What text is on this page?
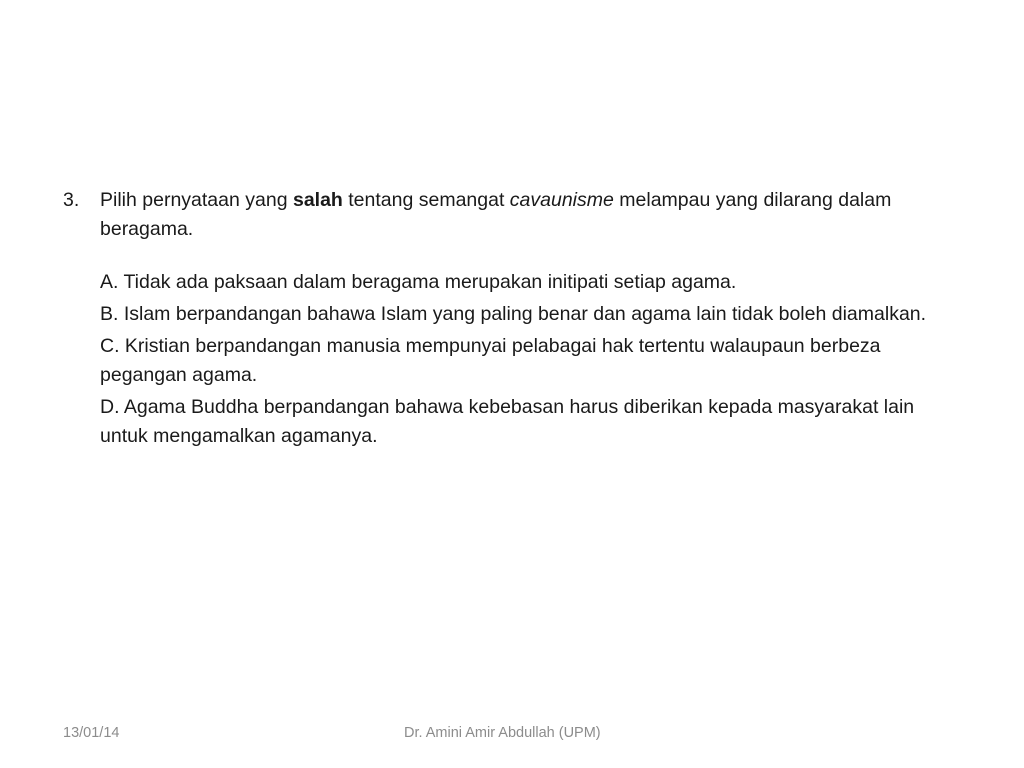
3.	Pilih pernyataan yang salah tentang semangat cavaunisme melampau yang dilarang dalam beragama.
A. Tidak ada paksaan dalam beragama merupakan initipati setiap agama.
B. Islam berpandangan bahawa Islam yang paling benar dan agama lain tidak boleh diamalkan.
C. Kristian berpandangan manusia mempunyai pelabagai hak tertentu walaupaun berbeza pegangan agama.
D. Agama Buddha berpandangan bahawa kebebasan harus diberikan kepada masyarakat lain untuk mengamalkan agamanya.
13/01/14	Dr. Amini Amir Abdullah (UPM)
